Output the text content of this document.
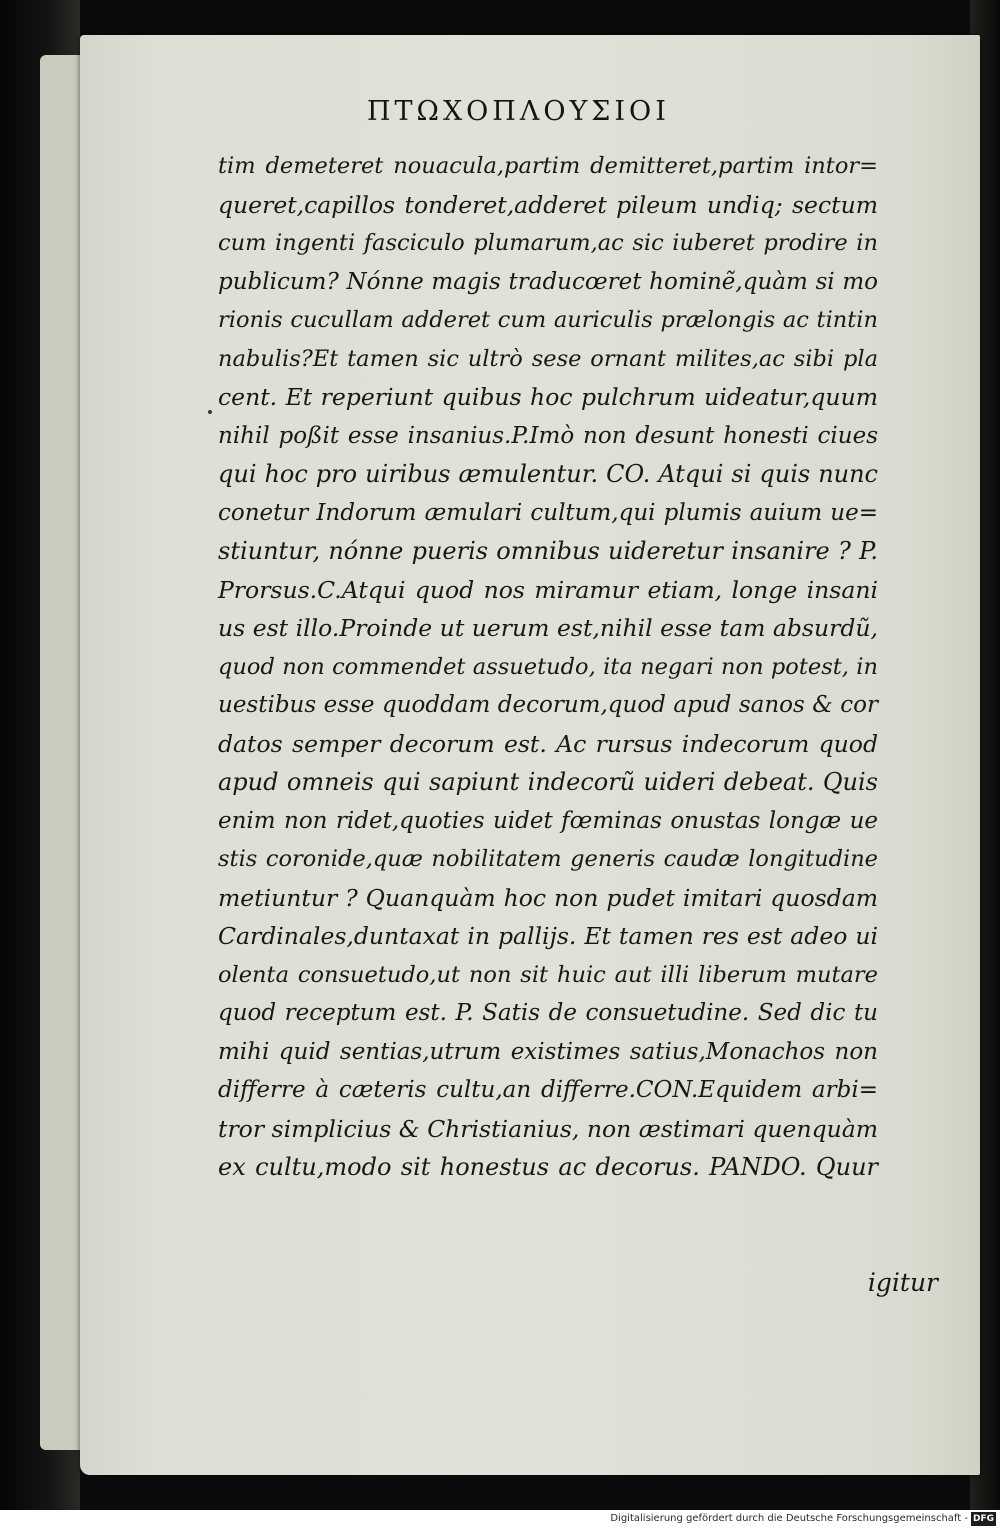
ΠΤΩΧΟΠΛΟΥΣΙΟΙ
tim demeteret nouacula,partim demitteret,partim intor=
queret,capillos tonderet,adderet pileum undiq; sectum
cum ingenti fasciculo plumarum,ac sic iuberet prodire in
publicum? Nónne magis traducœret hominẽ,quàm si mo
rionis cucullam adderet cum auriculis prælongis ac tintin
nabulis?Et tamen sic ultrò sese ornant milites,ac sibi pla
cent. Et reperiunt quibus hoc pulchrum uideatur,quum
nihil poßit esse insanius.P.Imò non desunt honesti ciues
qui hoc pro uiribus æmulentur. CO. Atqui si quis nunc
conetur Indorum æmulari cultum,qui plumis auium ue=
stiuntur, nónne pueris omnibus uideretur insanire ? P.
Prorsus.C.Atqui quod nos miramur etiam, longe insani
us est illo.Proinde ut uerum est,nihil esse tam absurdũ,
quod non commendet assuetudo, ita negari non potest, in
uestibus esse quoddam decorum,quod apud sanos & cor
datos semper decorum est. Ac rursus indecorum quod
apud omneis qui sapiunt indecorũ uideri debeat. Quis
enim non ridet,quoties uidet fœminas onustas longæ ue
stis coronide,quæ nobilitatem generis caudæ longitudine
metiuntur ? Quanquàm hoc non pudet imitari quosdam
Cardinales,duntaxat in pallijs. Et tamen res est adeo ui
olenta consuetudo,ut non sit huic aut illi liberum mutare
quod receptum est. P. Satis de consuetudine. Sed dic tu
mihi quid sentias,utrum existimes satius,Monachos non
differre à cæteris cultu,an differre.CON.Equidem arbi=
tror simplicius & Christianius, non æstimari quenquàm
ex cultu,modo sit honestus ac decorus. PANDO. Quur
igitur
Digitalisierung gefördert durch die Deutsche Forschungsgemeinschaft - DFG
